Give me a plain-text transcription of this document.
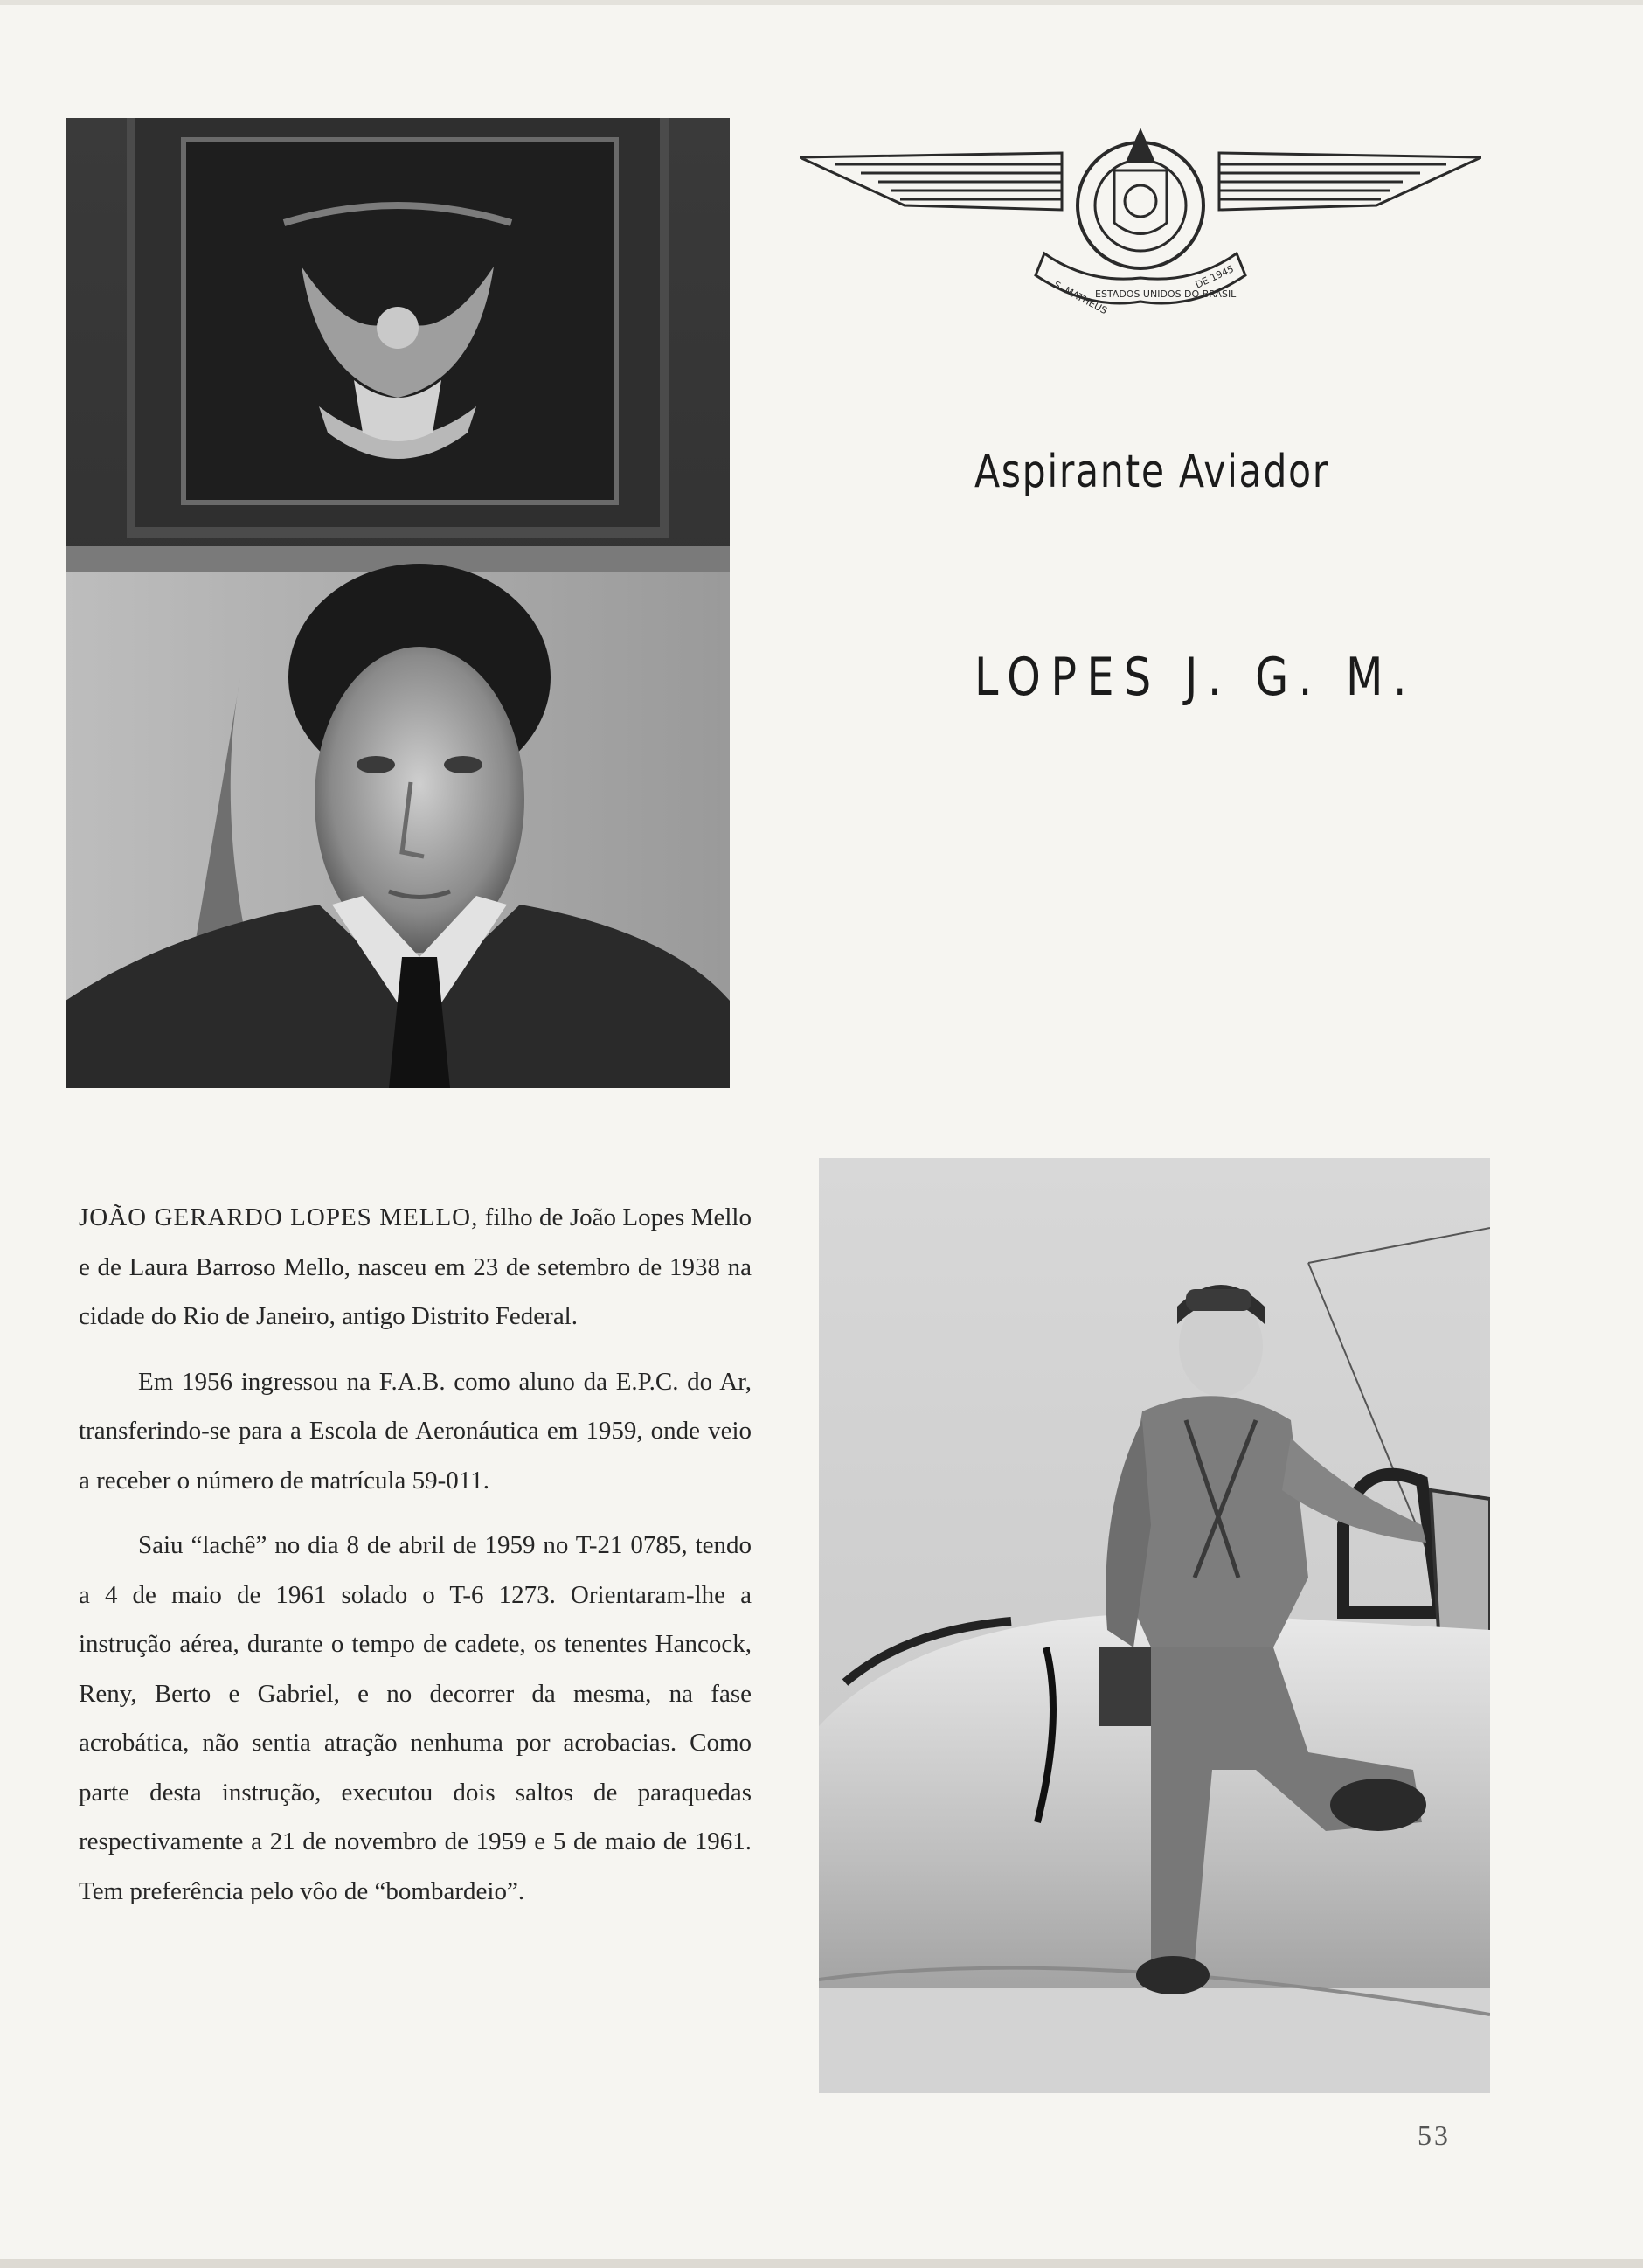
S. MATHEUS
ESTADOS UNIDOS DO BRASIL
DE 1945
Aspirante Aviador
LOPES J. G. M.

JOÃO GERARDO LOPES MELLO, filho de João Lopes Mello e de Laura Barroso Mello, nasceu em 23 de setembro de 1938 na cidade do Rio de Janeiro, antigo Distrito Federal.

Em 1956 ingressou na F.A.B. como aluno da E.P.C. do Ar, transferindo-se para a Escola de Aeronáutica em 1959, onde veio a receber o número de matrícula 59-011.

Saiu “lachê” no dia 8 de abril de 1959 no T-21 0785, tendo a 4 de maio de 1961 solado o T-6 1273. Orientaram-lhe a instrução aérea, durante o tempo de cadete, os tenentes Hancock, Reny, Berto e Gabriel, e no decorrer da mesma, na fase acrobática, não sentia atração nenhuma por acrobacias. Como parte desta instrução, executou dois saltos de paraquedas respectivamente a 21 de novembro de 1959 e 5 de maio de 1961. Tem preferência pelo vôo de “bombardeio”.

53
